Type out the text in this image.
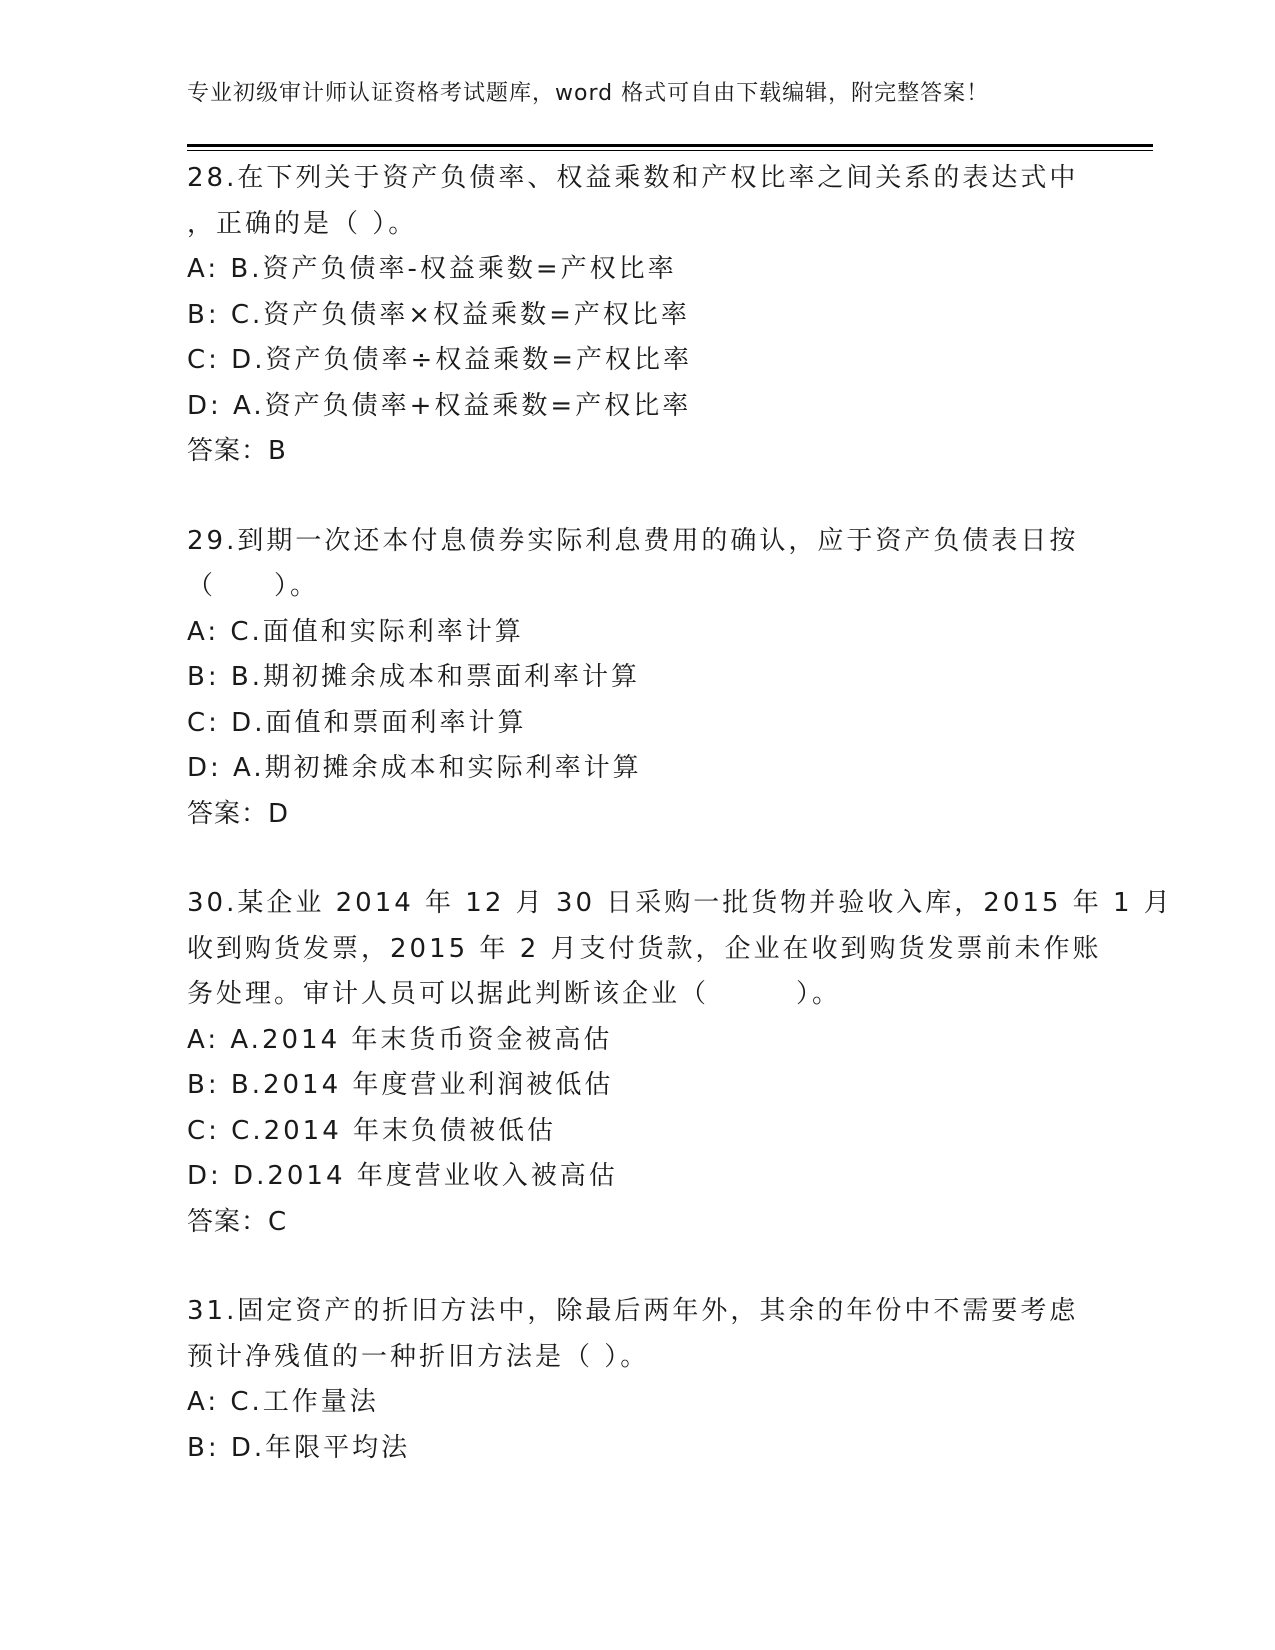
专业初级审计师认证资格考试题库，word 格式可自由下载编辑，附完整答案！
28.在下列关于资产负债率、权益乘数和产权比率之间关系的表达式中
，正确的是（ ）。
A: B.资产负债率-权益乘数=产权比率
B: C.资产负债率×权益乘数=产权比率
C: D.资产负债率÷权益乘数=产权比率
D: A.资产负债率+权益乘数=产权比率
答案：B
29.到期一次还本付息债券实际利息费用的确认，应于资产负债表日按
（　　）。
A: C.面值和实际利率计算
B: B.期初摊余成本和票面利率计算
C: D.面值和票面利率计算
D: A.期初摊余成本和实际利率计算
答案：D
30.某企业 2014 年 12 月 30 日采购一批货物并验收入库，2015 年 1 月
收到购货发票，2015 年 2 月支付货款，企业在收到购货发票前未作账
务处理。审计人员可以据此判断该企业（　　　）。
A: A.2014 年末货币资金被高估
B: B.2014 年度营业利润被低估
C: C.2014 年末负债被低估
D: D.2014 年度营业收入被高估
答案：C
31.固定资产的折旧方法中，除最后两年外，其余的年份中不需要考虑
预计净残值的一种折旧方法是（ ）。
A: C.工作量法
B: D.年限平均法
